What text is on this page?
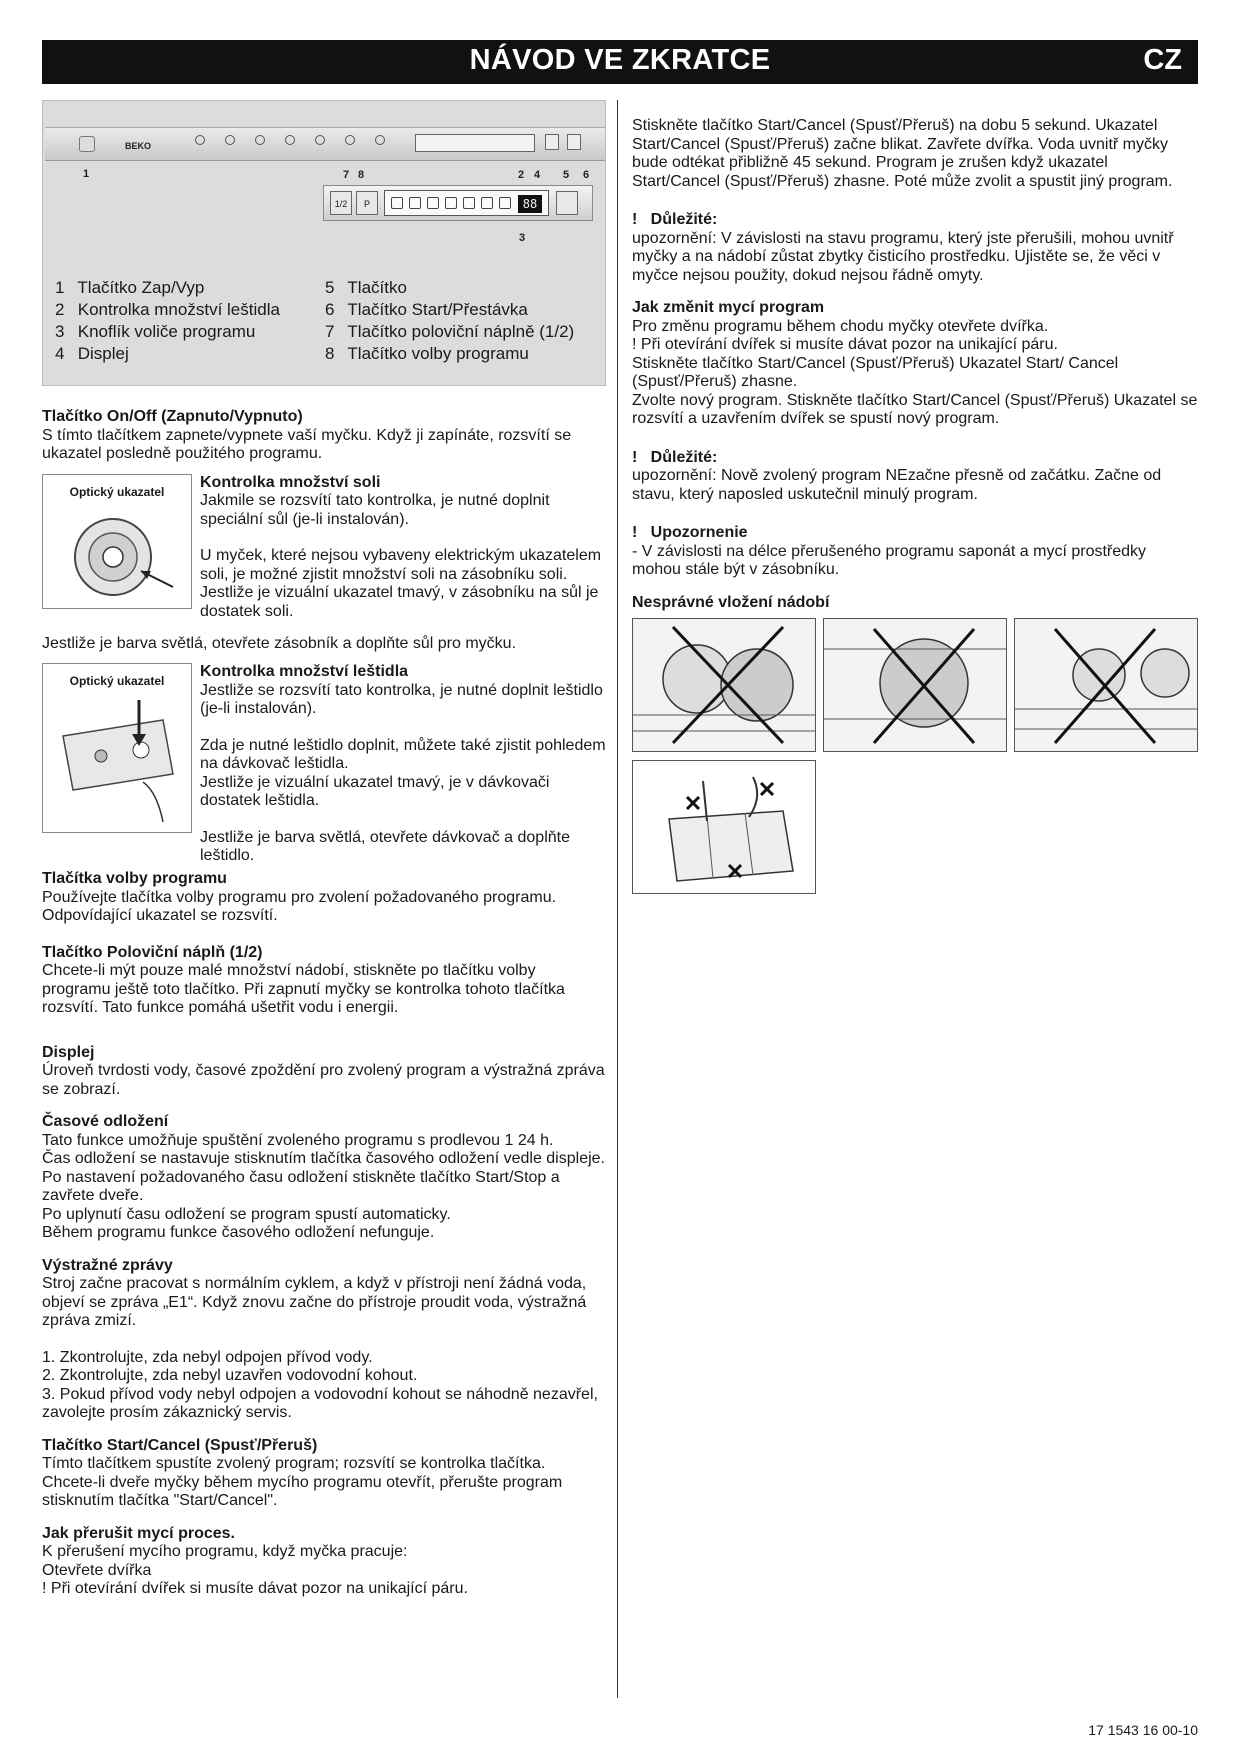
NÁVOD VE ZKRATCE	CZ
BEKO
1	7 8	2 4 5 6
3
1/2	P	88
1 Tlačítko Zap/Vyp
2 Kontrolka množství leštidla
3 Knoflík voliče programu
4 Displej
5 Tlačítko
6 Tlačítko Start/Přestávka
7 Tlačítko poloviční náplně (1/2)
8 Tlačítko volby programu

Tlačítko On/Off (Zapnuto/Vypnuto)

S tímto tlačítkem zapnete/vypnete vaší myčku. Když ji zapínáte, rozsvítí se ukazatel posledně použitého programu.

Optický ukazatel

Kontrolka množství soli

Jakmile se rozsvítí tato kontrolka, je nutné doplnit speciální sůl (je-li instalován).

U myček, které nejsou vybaveny elektrickým ukazatelem soli, je možné zjistit množství soli na zásobníku soli. Jestliže je vizuální ukazatel tmavý, v zásobníku na sůl je dostatek soli.

Jestliže je barva světlá, otevřete zásobník a doplňte sůl pro myčku.

Optický ukazatel

Kontrolka množství leštidla

Jestliže se rozsvítí tato kontrolka, je nutné doplnit leštidlo (je-li instalován).

Zda je nutné leštidlo doplnit, můžete také zjistit pohledem na dávkovač leštidla.

Jestliže je vizuální ukazatel tmavý, je v dávkovači dostatek leštidla.

Jestliže je barva světlá, otevřete dávkovač a doplňte leštidlo.

Tlačítka volby programu

Používejte tlačítka volby programu pro zvolení požadovaného programu. Odpovídající ukazatel se rozsvítí.

Tlačítko Poloviční náplň (1/2)

Chcete-li mýt pouze malé množství nádobí, stiskněte po tlačítku volby programu ještě toto tlačítko. Při zapnutí myčky se kontrolka tohoto tlačítka rozsvítí. Tato funkce pomáhá ušetřit vodu i energii.

Displej

Úroveň tvrdosti vody, časové zpoždění pro zvolený program a výstražná zpráva se zobrazí.

Časové odložení

Tato funkce umožňuje spuštění zvoleného programu s prodlevou 1 24 h.

Čas odložení se nastavuje stisknutím tlačítka časového odložení vedle displeje. Po nastavení požadovaného času odložení stiskněte tlačítko Start/Stop a zavřete dveře.

Po uplynutí času odložení se program spustí automaticky.

Během programu funkce časového odložení nefunguje.

Výstražné zprávy

Stroj začne pracovat s normálním cyklem, a když v přístroji není žádná voda, objeví se zpráva „E1“. Když znovu začne do přístroje proudit voda, výstražná zpráva zmizí.

1. Zkontrolujte, zda nebyl odpojen přívod vody.

2. Zkontrolujte, zda nebyl uzavřen vodovodní kohout.

3. Pokud přívod vody nebyl odpojen a vodovodní kohout se náhodně nezavřel, zavolejte prosím zákaznický servis.

Tlačítko Start/Cancel (Spusť/Přeruš)

Tímto tlačítkem spustíte zvolený program; rozsvítí se kontrolka tlačítka.

Chcete-li dveře myčky během mycího programu otevřít, přerušte program stisknutím tlačítka "Start/Cancel".

Jak přerušit mycí proces.

K přerušení mycího programu, když myčka pracuje:

Otevřete dvířka

! Při otevírání dvířek si musíte dávat pozor na unikající páru.

Stiskněte tlačítko Start/Cancel (Spusť/Přeruš) na dobu 5 sekund. Ukazatel Start/Cancel (Spusť/Přeruš) začne blikat. Zavřete dvířka. Voda uvnitř myčky bude odtékat přibližně 45 sekund. Program je zrušen když ukazatel Start/Cancel (Spusť/Přeruš) zhasne. Poté může zvolit a spustit jiný program.

! Důležité:

upozornění: V závislosti na stavu programu, který jste přerušili, mohou uvnitř myčky a na nádobí zůstat zbytky čisticího prostředku. Ujistěte se, že věci v myčce nejsou použity, dokud nejsou řádně omyty.

Jak změnit mycí program

Pro změnu programu během chodu myčky otevřete dvířka.

! Při otevírání dvířek si musíte dávat pozor na unikající páru.

Stiskněte tlačítko Start/Cancel (Spusť/Přeruš) Ukazatel Start/ Cancel (Spusť/Přeruš) zhasne.

Zvolte nový program. Stiskněte tlačítko Start/Cancel (Spusť/Přeruš) Ukazatel se rozsvítí a uzavřením dvířek se spustí nový program.

! Důležité:

upozornění: Nově zvolený program NEzačne přesně od začátku. Začne od stavu, který naposled uskutečnil minulý program.

! Upozornenie

- V závislosti na délce přerušeného programu saponát a mycí prostředky mohou stále být v zásobníku.

Nesprávné vložení nádobí

17 1543 16 00-10
